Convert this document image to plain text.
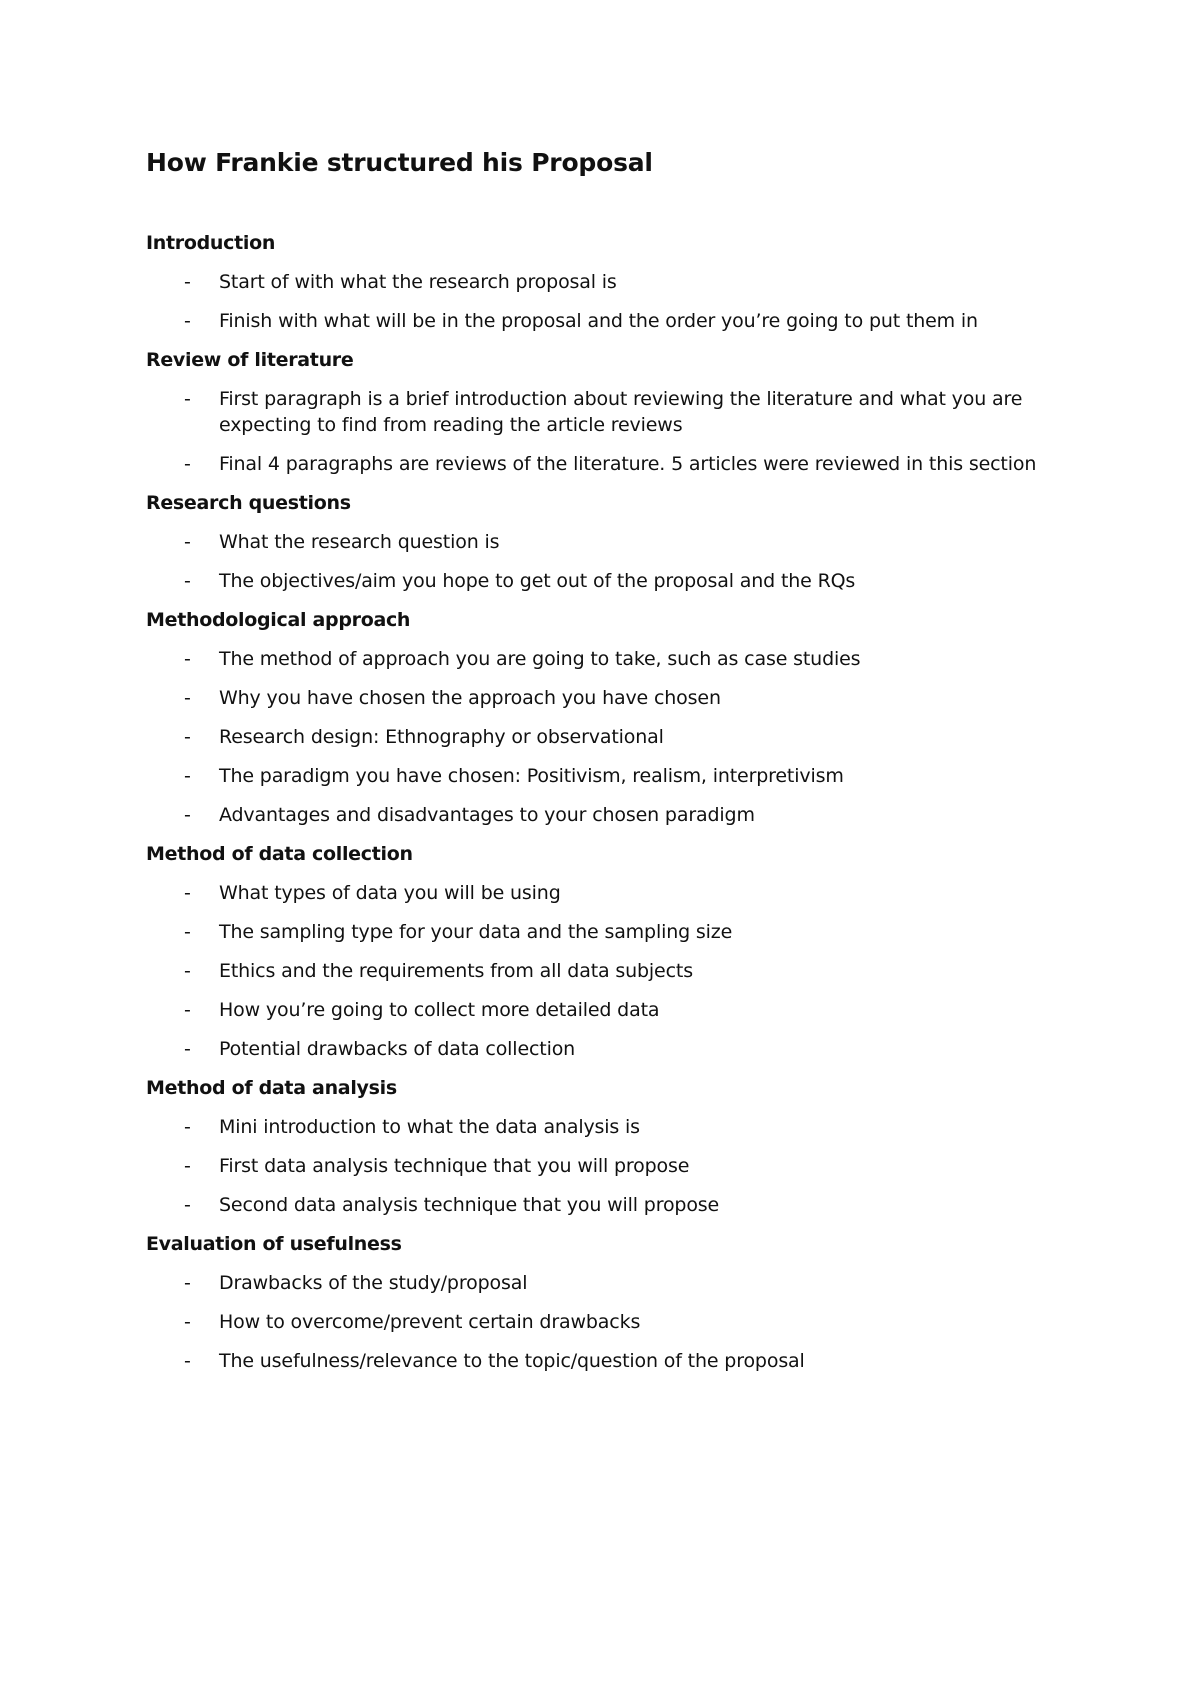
How Frankie structured his Proposal
Introduction
- Start of with what the research proposal is
- Finish with what will be in the proposal and the order you’re going to put them in
Review of literature
- First paragraph is a brief introduction about reviewing the literature and what you are expecting to find from reading the article reviews
- Final 4 paragraphs are reviews of the literature. 5 articles were reviewed in this section
Research questions
- What the research question is
- The objectives/aim you hope to get out of the proposal and the RQs
Methodological approach
- The method of approach you are going to take, such as case studies
- Why you have chosen the approach you have chosen
- Research design: Ethnography or observational
- The paradigm you have chosen: Positivism, realism, interpretivism
- Advantages and disadvantages to your chosen paradigm
Method of data collection
- What types of data you will be using
- The sampling type for your data and the sampling size
- Ethics and the requirements from all data subjects
- How you’re going to collect more detailed data
- Potential drawbacks of data collection
Method of data analysis
- Mini introduction to what the data analysis is
- First data analysis technique that you will propose
- Second data analysis technique that you will propose
Evaluation of usefulness
- Drawbacks of the study/proposal
- How to overcome/prevent certain drawbacks
- The usefulness/relevance to the topic/question of the proposal
